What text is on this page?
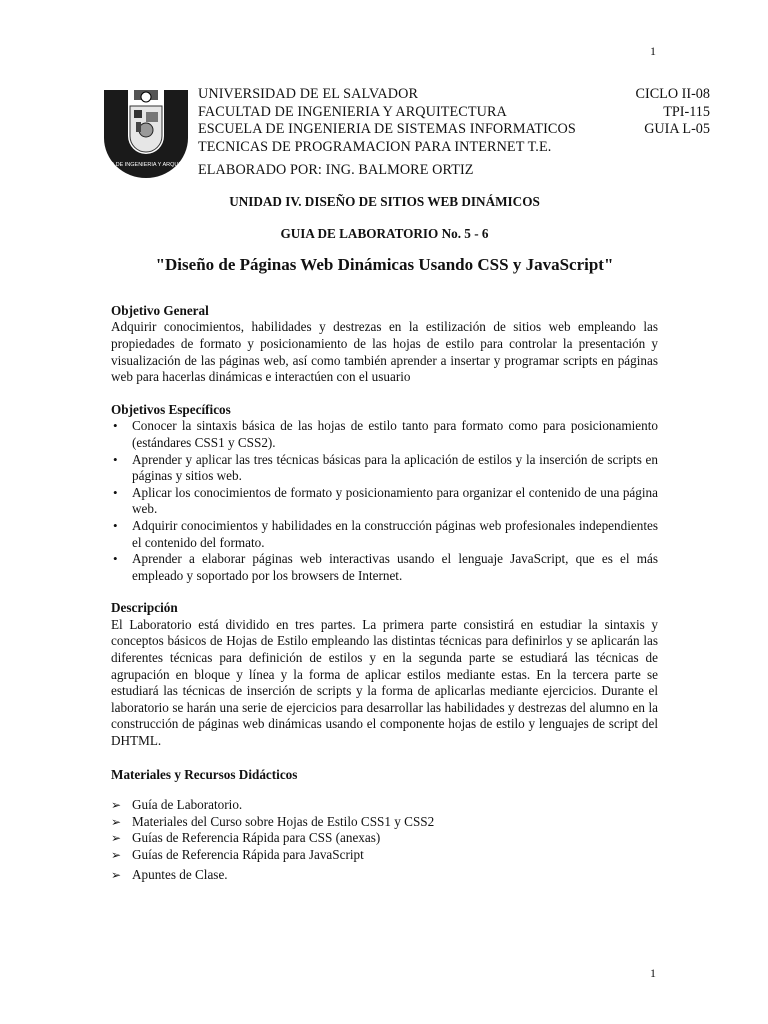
1
FACULTAD DE INGENIERIA Y ARQUITECTURA
UNIVERSIDAD DE EL SALVADOR
FACULTAD DE INGENIERIA Y ARQUITECTURA
ESCUELA DE INGENIERIA DE SISTEMAS INFORMATICOS
TECNICAS DE PROGRAMACION PARA INTERNET T.E.
ELABORADO POR: ING. BALMORE ORTIZ
CICLO II-08
TPI-115
GUIA L-05
UNIDAD IV. DISEÑO DE SITIOS WEB DINÁMICOS
GUIA DE LABORATORIO No. 5 - 6
"Diseño de Páginas Web Dinámicas Usando CSS y JavaScript"
Objetivo General

Adquirir conocimientos, habilidades y destrezas en la estilización de sitios web empleando las propiedades de formato y posicionamiento de las hojas de estilo para controlar la presentación y visualización de las páginas web, así como también aprender a insertar y programar scripts en páginas web para hacerlas dinámicas e interactúen con el usuario

Objetivos Específicos
• Conocer la sintaxis básica de las hojas de estilo tanto para formato como para posicionamiento (estándares CSS1 y CSS2).
• Aprender y aplicar las tres técnicas básicas para la aplicación de estilos y la inserción de scripts en páginas y sitios web.
• Aplicar los conocimientos de formato y posicionamiento para organizar el contenido de una página web.
• Adquirir conocimientos y habilidades en la construcción páginas web profesionales independientes el contenido del formato.
• Aprender a elaborar páginas web interactivas usando el lenguaje JavaScript, que es el más empleado y soportado por los browsers de Internet.
Descripción

El Laboratorio está dividido en tres partes. La primera parte consistirá en estudiar la sintaxis y conceptos básicos de Hojas de Estilo empleando las distintas técnicas para definirlos y se aplicarán las diferentes técnicas para definición de estilos y en la segunda parte se estudiará las técnicas de agrupación en bloque y línea y la forma de aplicar estilos mediante estas. En la tercera parte se estudiará las técnicas de inserción de scripts y la forma de aplicarlas mediante ejercicios. Durante el laboratorio se harán una serie de ejercicios para desarrollar las habilidades y destrezas del alumno en la construcción de páginas web dinámicas usando el componente hojas de estilo y lenguajes de script del DHTML.

Materiales y Recursos Didácticos
➢ Guía de Laboratorio.
➢ Materiales del Curso sobre Hojas de Estilo CSS1 y CSS2
➢ Guías de Referencia Rápida para CSS (anexas)
➢ Guías de Referencia Rápida para JavaScript
➢ Apuntes de Clase.
1
